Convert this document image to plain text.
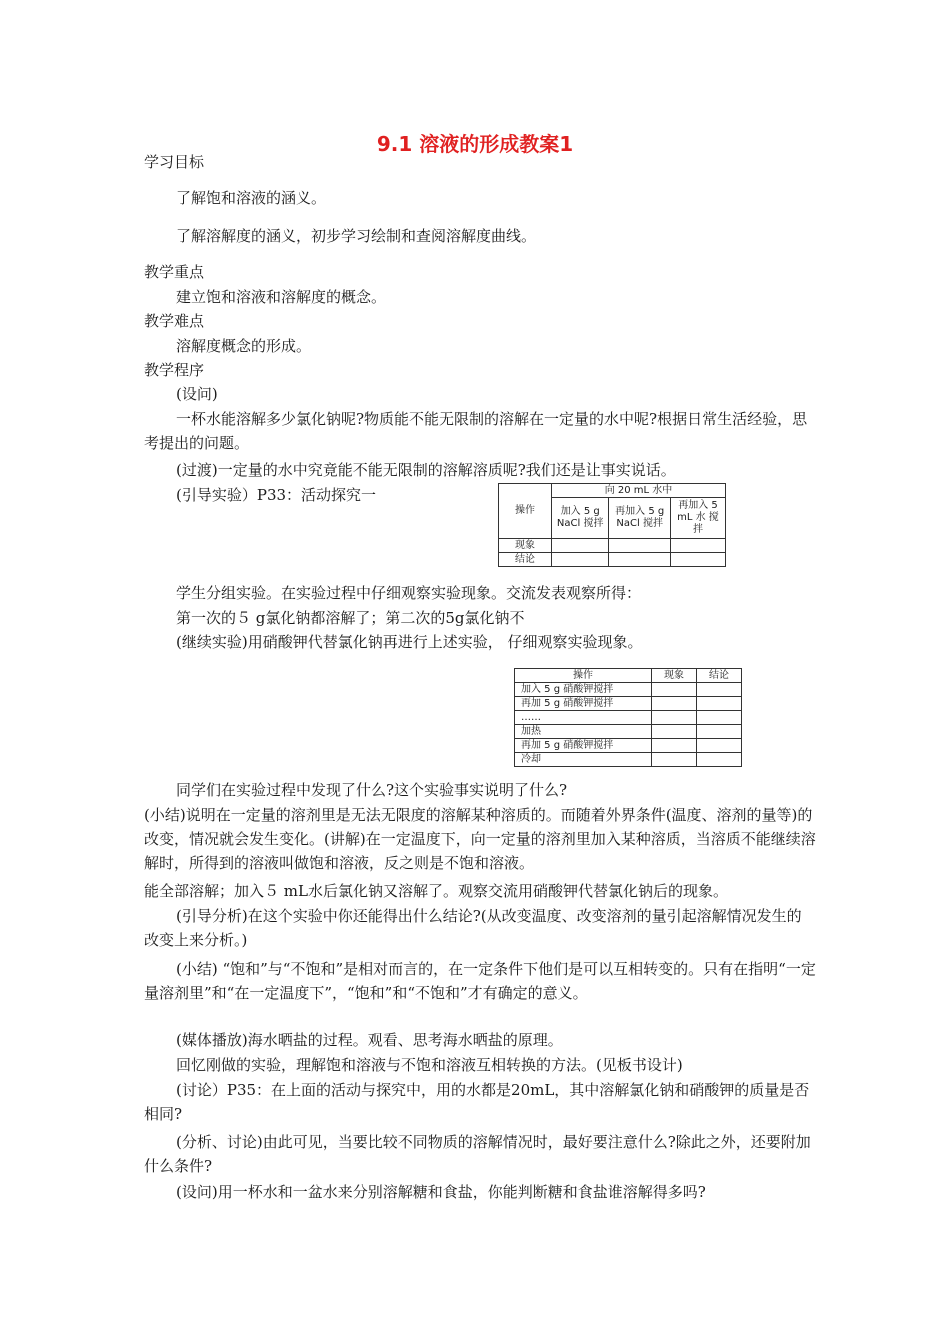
9.1 溶液的形成教案1
学习目标
了解饱和溶液的涵义。
了解溶解度的涵义，初步学习绘制和查阅溶解度曲线。
教学重点
建立饱和溶液和溶解度的概念。
教学难点
溶解度概念的形成。
教学程序
(设问)
一杯水能溶解多少氯化钠呢?物质能不能无限制的溶解在一定量的水中呢?根据日常生活经验，思考提出的问题。
(过渡)一定量的水中究竟能不能无限制的溶解溶质呢?我们还是让事实说话。
(引导实验）P33：活动探究一
操作	向 20 mL 水中		
	加入 5 g NaCl 搅拌	再加入 5 g NaCl 搅拌	再加入 5 mL 水 搅拌
现象			
结论			
学生分组实验。在实验过程中仔细观察实验现象。交流发表观察所得：
第一次的５ g氯化钠都溶解了；第二次的5g氯化钠不
(继续实验)用硝酸钾代替氯化钠再进行上述实验， 仔细观察实验现象。
操作	现象	结论
加入 5 g 硝酸钾搅拌		
再加 5 g 硝酸钾搅拌		
……		
加热		
再加 5 g 硝酸钾搅拌		
冷却		
同学们在实验过程中发现了什么?这个实验事实说明了什么?
(小结)说明在一定量的溶剂里是无法无限度的溶解某种溶质的。而随着外界条件(温度、溶剂的量等)的改变，情况就会发生变化。(讲解)在一定温度下，向一定量的溶剂里加入某种溶质，当溶质不能继续溶解时，所得到的溶液叫做饱和溶液，反之则是不饱和溶液。
能全部溶解；加入５ mL水后氯化钠又溶解了。观察交流用硝酸钾代替氯化钠后的现象。
(引导分析)在这个实验中你还能得出什么结论?(从改变温度、改变溶剂的量引起溶解情况发生的改变上来分析。)
(小结) “饱和”与“不饱和”是相对而言的，在一定条件下他们是可以互相转变的。只有在指明“一定量溶剂里”和“在一定温度下”，“饱和”和“不饱和”才有确定的意义。
(媒体播放)海水晒盐的过程。观看、思考海水晒盐的原理。
回忆刚做的实验，理解饱和溶液与不饱和溶液互相转换的方法。(见板书设计)
(讨论）P35：在上面的活动与探究中，用的水都是20mL，其中溶解氯化钠和硝酸钾的质量是否相同?
(分析、讨论)由此可见，当要比较不同物质的溶解情况时，最好要注意什么?除此之外，还要附加什么条件?
(设问)用一杯水和一盆水来分别溶解糖和食盐，你能判断糖和食盐谁溶解得多吗?
